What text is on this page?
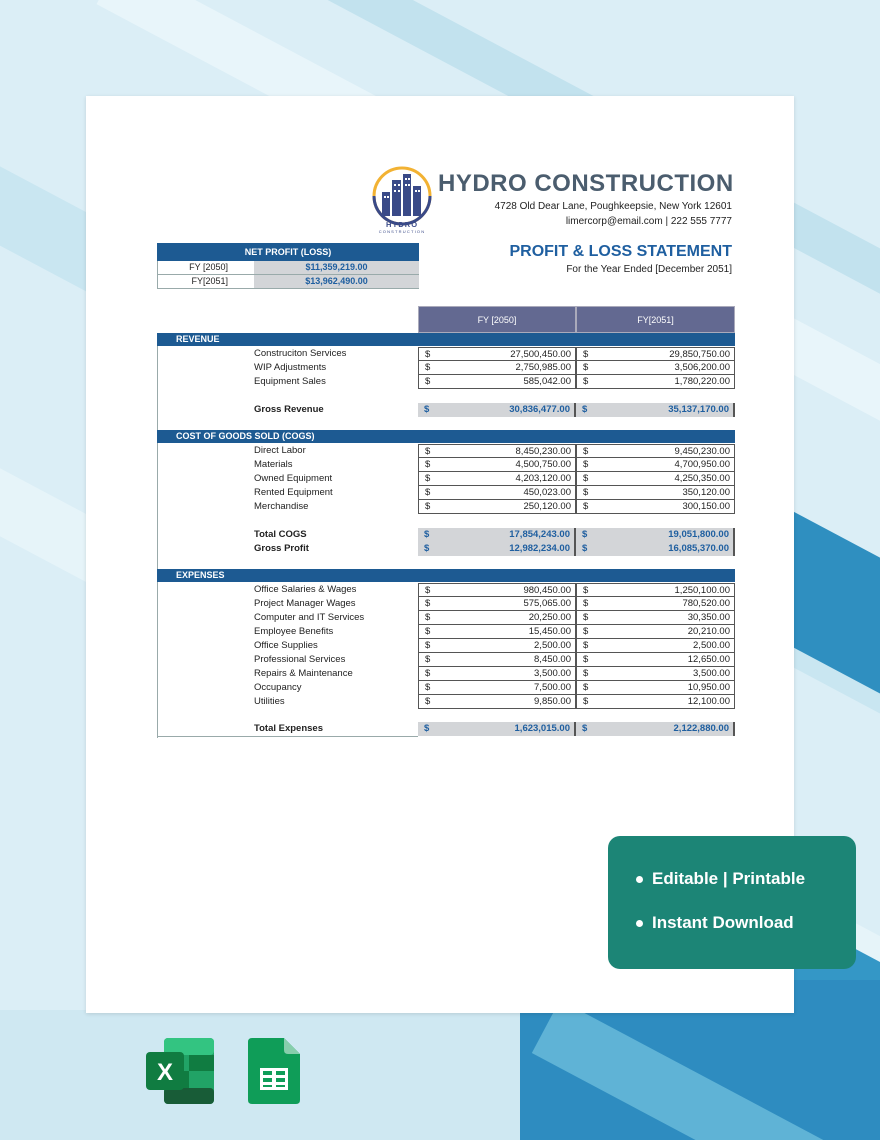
HYDRO
CONSTRUCTION
HYDRO CONSTRUCTION
4728 Old Dear Lane, Poughkeepsie, New York 12601
limercorp@email.com | 222 555 7777
PROFIT & LOSS STATEMENT
For the Year Ended [December 2051]
NET PROFIT (LOSS)
FY [2050]	$11,359,219.00
FY[2051]	$13,962,490.00
FY [2050]	FY[2051]
REVENUE
Construciton Services	$	27,500,450.00 $	29,850,750.00
WIP Adjustments	$	2,750,985.00 $	3,506,200.00
Equipment Sales	$	585,042.00 $	1,780,220.00
Gross Revenue	$	30,836,477.00 $	35,137,170.00
COST OF GOODS SOLD (COGS)
Direct Labor	$	8,450,230.00 $	9,450,230.00
Materials	$	4,500,750.00 $	4,700,950.00
Owned Equipment	$	4,203,120.00 $	4,250,350.00
Rented Equipment	$	450,023.00 $	350,120.00
Merchandise	$	250,120.00 $	300,150.00
Total COGS	$	17,854,243.00 $	19,051,800.00
Gross Profit	$	12,982,234.00 $	16,085,370.00
EXPENSES
Office Salaries & Wages	$	980,450.00 $	1,250,100.00
Project Manager Wages	$	575,065.00 $	780,520.00
Computer and IT Services	$	20,250.00 $	30,350.00
Employee Benefits	$	15,450.00 $	20,210.00
Office Supplies	$	2,500.00 $	2,500.00
Professional Services	$	8,450.00 $	12,650.00
Repairs & Maintenance	$	3,500.00 $	3,500.00
Occupancy	$	7,500.00 $	10,950.00
Utilities	$	9,850.00 $	12,100.00
Total Expenses	$	1,623,015.00 $	2,122,880.00
Editable | Printable
Instant Download
X
